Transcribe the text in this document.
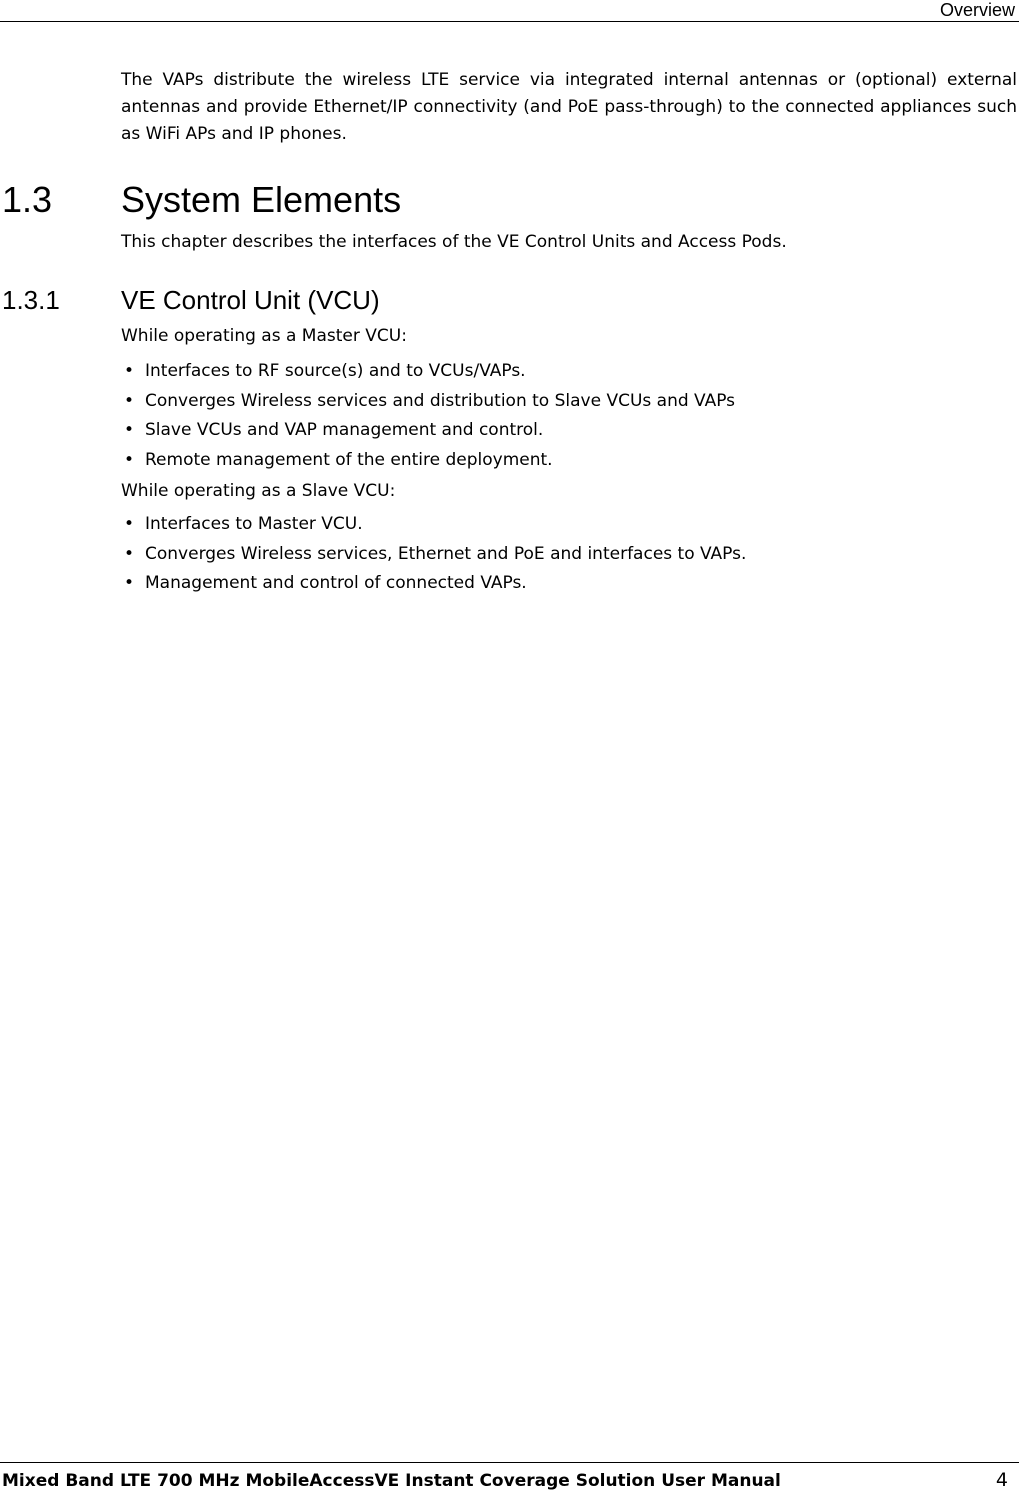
Overview
The VAPs distribute the wireless LTE service via integrated internal antennas or (optional) external antennas and provide Ethernet/IP connectivity (and PoE pass-through) to the connected appliances such as WiFi APs and IP phones.
1.3 System Elements
This chapter describes the interfaces of the VE Control Units and Access Pods.
1.3.1 VE Control Unit (VCU)
While operating as a Master VCU:
• Interfaces to RF source(s) and to VCUs/VAPs.
• Converges Wireless services and distribution to Slave VCUs and VAPs
• Slave VCUs and VAP management and control.
• Remote management of the entire deployment.
While operating as a Slave VCU:
• Interfaces to Master VCU.
• Converges Wireless services, Ethernet and PoE and interfaces to VAPs.
• Management and control of connected VAPs.
Mixed Band LTE 700 MHz MobileAccessVE Instant Coverage Solution User Manual	4
